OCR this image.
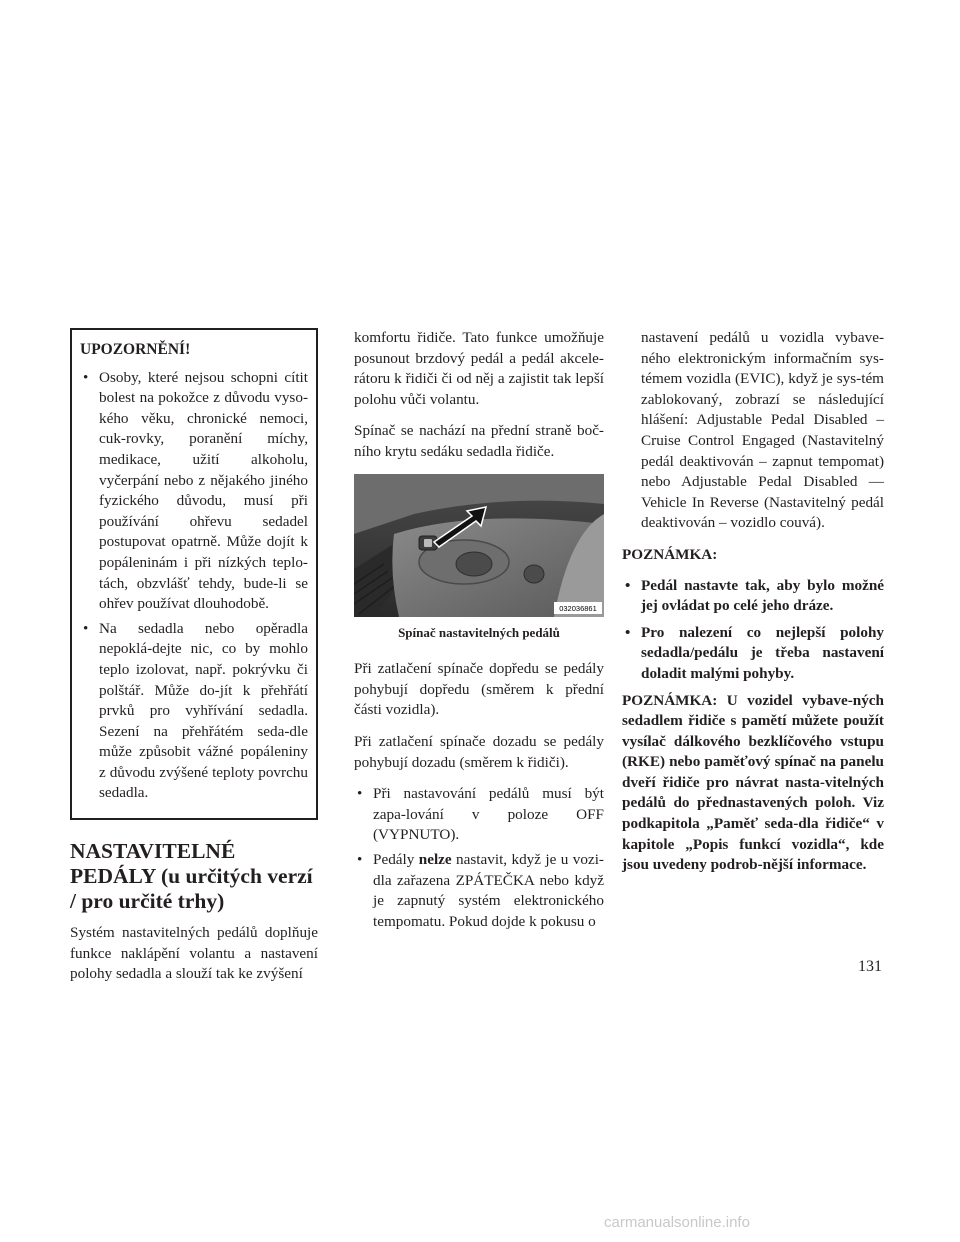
UPOZORNĚNÍ!
• Osoby, které nejsou schopni cítit bolest na pokožce z důvodu vyso-kého věku, chronické nemoci, cuk-rovky, poranění míchy, medikace, užití alkoholu, vyčerpání nebo z nějakého jiného fyzického důvodu, musí při používání ohřevu sedadel postupovat opatrně. Může dojít k popáleninám i při nízkých teplo-tách, obzvlášť tehdy, bude-li se ohřev používat dlouhodobě.
• Na sedadla nebo opěradla nepoklá-dejte nic, co by mohlo teplo izolovat, např. pokrývku či polštář. Může do-jít k přehřátí prvků pro vyhřívání sedadla. Sezení na přehřátém seda-dle může způsobit vážné popáleniny z důvodu zvýšené teploty povrchu sedadla.
NASTAVITELNÉ PEDÁLY (u určitých verzí / pro určité trhy)

Systém nastavitelných pedálů doplňuje funkce naklápění volantu a nastavení polohy sedadla a slouží tak ke zvýšení

komfortu řidiče. Tato funkce umožňuje posunout brzdový pedál a pedál akcele-rátoru k řidiči či od něj a zajistit tak lepší polohu vůči volantu.

Spínač se nachází na přední straně boč-ního krytu sedáku sedadla řidiče.

032036861
Spínač nastavitelných pedálů

Při zatlačení spínače dopředu se pedály pohybují dopředu (směrem k přední části vozidla).

Při zatlačení spínače dozadu se pedály pohybují dozadu (směrem k řidiči).

• Při nastavování pedálů musí být zapa-lování v poloze OFF (VYPNUTO).
• Pedály nelze nastavit, když je u vozi-dla zařazena ZPÁTEČKA nebo když je zapnutý systém elektronického tempomatu. Pokud dojde k pokusu o
nastavení pedálů u vozidla vybave-ného elektronickým informačním sys-témem vozidla (EVIC), když je sys-tém zablokovaný, zobrazí se následující hlášení: Adjustable Pedal Disabled – Cruise Control Engaged (Nastavitelný pedál deaktivován – zapnut tempomat) nebo Adjustable Pedal Disabled — Vehicle In Reverse (Nastavitelný pedál deaktivován – vozidlo couvá).
POZNÁMKA:
• Pedál nastavte tak, aby bylo možné jej ovládat po celé jeho dráze.
• Pro nalezení co nejlepší polohy sedadla/pedálu je třeba nastavení doladit malými pohyby.

POZNÁMKA: U vozidel vybave-ných sedadlem řidiče s pamětí můžete použít vysílač dálkového bezklíčového vstupu (RKE) nebo paměťový spínač na panelu dveří řidiče pro návrat nasta-vitelných pedálů do přednastavených poloh. Viz podkapitola „Paměť seda-dla řidiče“ v kapitole „Popis funkcí vozidla“, kde jsou uvedeny podrob-nější informace.

131
carmanualsonline.info
